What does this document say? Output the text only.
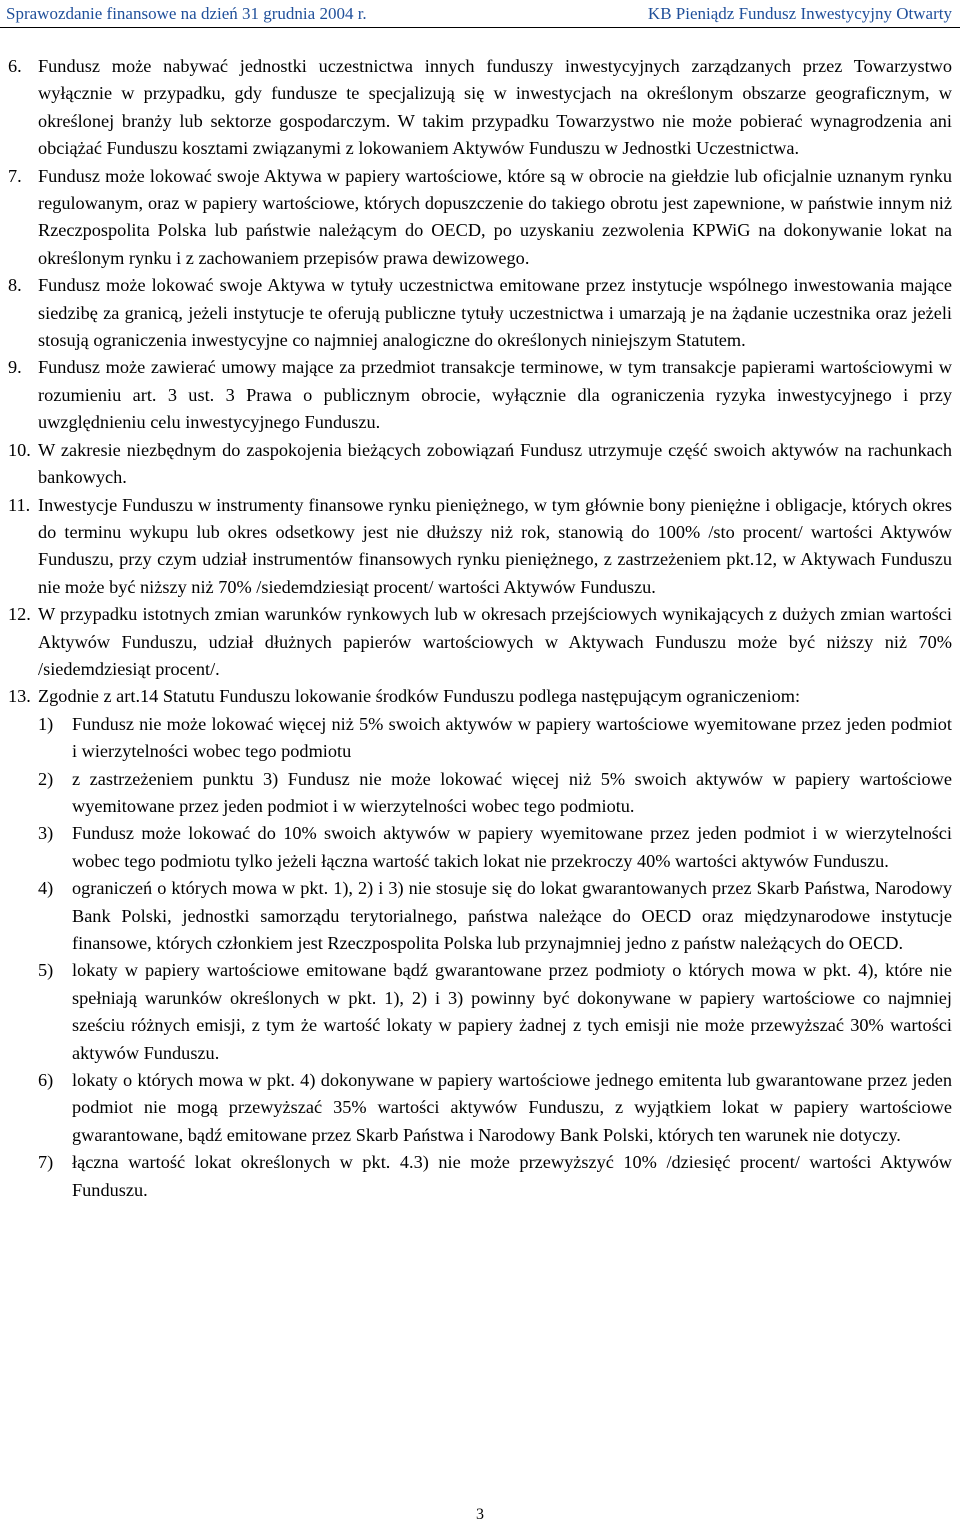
Sprawozdanie finansowe na dzień 31 grudnia 2004 r.	KB Pieniądz Fundusz Inwestycyjny Otwarty

6. Fundusz może nabywać jednostki uczestnictwa innych funduszy inwestycyjnych zarządzanych przez Towarzystwo wyłącznie w przypadku, gdy fundusze te specjalizują się w inwestycjach na określonym obszarze geograficznym, w określonej branży lub sektorze gospodarczym. W takim przypadku Towarzystwo nie może pobierać wynagrodzenia ani obciążać Funduszu kosztami związanymi z lokowaniem Aktywów Funduszu w Jednostki Uczestnictwa.

7. Fundusz może lokować swoje Aktywa w papiery wartościowe, które są w obrocie na giełdzie lub oficjalnie uznanym rynku regulowanym, oraz w papiery wartościowe, których dopuszczenie do takiego obrotu jest zapewnione, w państwie innym niż Rzeczpospolita Polska lub państwie należącym do OECD, po uzyskaniu zezwolenia KPWiG na dokonywanie lokat na określonym rynku i z zachowaniem przepisów prawa dewizowego.

8. Fundusz może lokować swoje Aktywa w tytuły uczestnictwa emitowane przez instytucje wspólnego inwestowania mające siedzibę za granicą, jeżeli instytucje te oferują publiczne tytuły uczestnictwa i umarzają je na żądanie uczestnika oraz jeżeli stosują ograniczenia inwestycyjne co najmniej analogiczne do określonych niniejszym Statutem.

9. Fundusz może zawierać umowy mające za przedmiot transakcje terminowe, w tym transakcje papierami wartościowymi w rozumieniu art. 3 ust. 3 Prawa o publicznym obrocie, wyłącznie dla ograniczenia ryzyka inwestycyjnego i przy uwzględnieniu celu inwestycyjnego Funduszu.

10. W zakresie niezbędnym do zaspokojenia bieżących zobowiązań Fundusz utrzymuje część swoich aktywów na rachunkach bankowych.

11. Inwestycje Funduszu w instrumenty finansowe rynku pieniężnego, w tym głównie bony pieniężne i obligacje, których okres do terminu wykupu lub okres odsetkowy jest nie dłuższy niż rok, stanowią do 100% /sto procent/ wartości Aktywów Funduszu, przy czym udział instrumentów finansowych rynku pieniężnego, z zastrzeżeniem pkt.12, w Aktywach Funduszu nie może być niższy niż 70% /siedemdziesiąt procent/ wartości Aktywów Funduszu.

12. W przypadku istotnych zmian warunków rynkowych lub w okresach przejściowych wynikających z dużych zmian wartości Aktywów Funduszu, udział dłużnych papierów wartościowych w Aktywach Funduszu może być niższy niż 70% /siedemdziesiąt procent/.

13. Zgodnie z art.14 Statutu Funduszu lokowanie środków Funduszu podlega następującym ograniczeniom:

1) Fundusz nie może lokować więcej niż 5% swoich aktywów w papiery wartościowe wyemitowane przez jeden podmiot i wierzytelności wobec tego podmiotu

2) z zastrzeżeniem punktu 3) Fundusz nie może lokować więcej niż 5% swoich aktywów w papiery wartościowe wyemitowane przez jeden podmiot i w wierzytelności wobec tego podmiotu.

3) Fundusz może lokować do 10% swoich aktywów w papiery wyemitowane przez jeden podmiot i w wierzytelności wobec tego podmiotu tylko jeżeli łączna wartość takich lokat nie przekroczy 40% wartości aktywów Funduszu.

4) ograniczeń o których mowa w pkt. 1), 2) i 3) nie stosuje się do lokat gwarantowanych przez Skarb Państwa, Narodowy Bank Polski, jednostki samorządu terytorialnego, państwa należące do OECD oraz międzynarodowe instytucje finansowe, których członkiem jest Rzeczpospolita Polska lub przynajmniej jedno z państw należących do OECD.

5) lokaty w papiery wartościowe emitowane bądź gwarantowane przez podmioty o których mowa w pkt. 4), które nie spełniają warunków określonych w pkt. 1), 2) i 3) powinny być dokonywane w papiery wartościowe co najmniej sześciu różnych emisji, z tym że wartość lokaty w papiery żadnej z tych emisji nie może przewyższać 30% wartości aktywów Funduszu.

6) lokaty o których mowa w pkt. 4) dokonywane w papiery wartościowe jednego emitenta lub gwarantowane przez jeden podmiot nie mogą przewyższać 35% wartości aktywów Funduszu, z wyjątkiem lokat w papiery wartościowe gwarantowane, bądź emitowane przez Skarb Państwa i Narodowy Bank Polski, których ten warunek nie dotyczy.

7) łączna wartość lokat określonych w pkt. 4.3) nie może przewyższyć 10% /dziesięć procent/ wartości Aktywów Funduszu.

3
